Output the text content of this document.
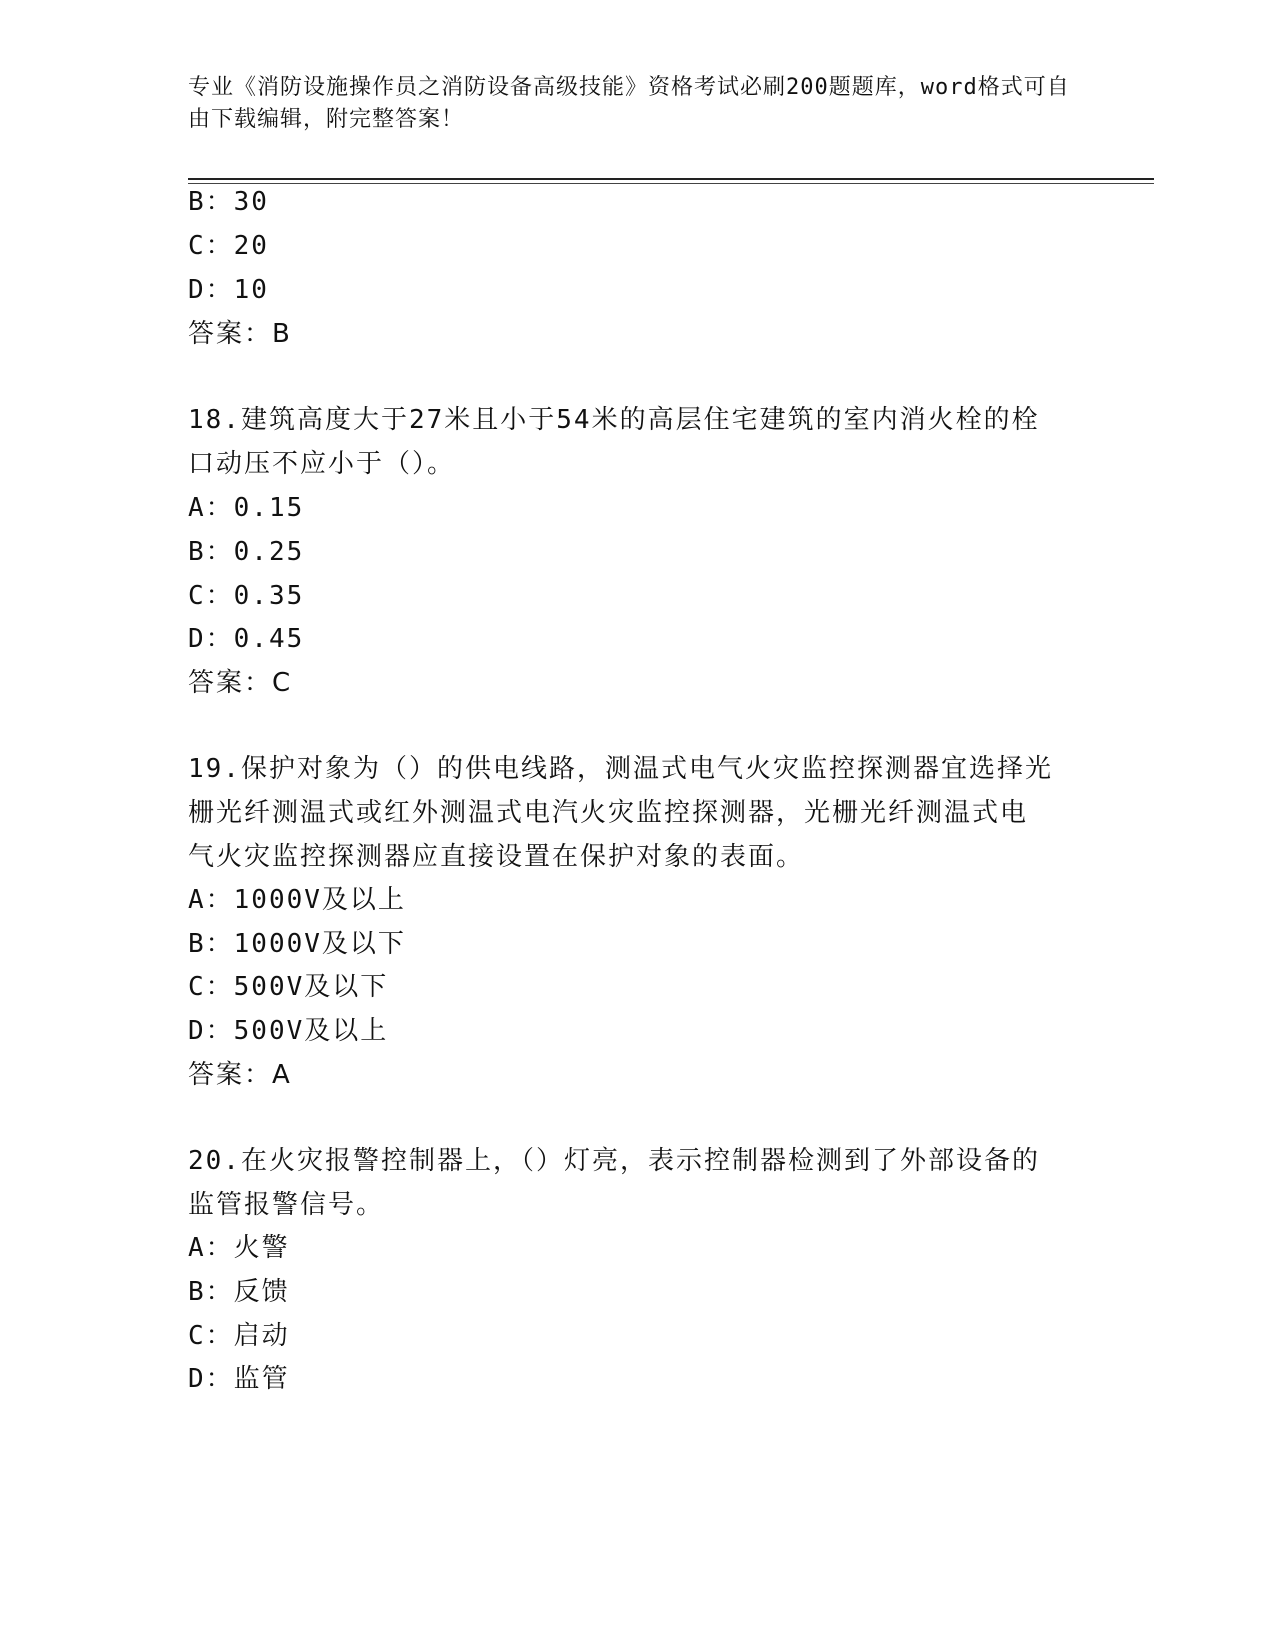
专业《消防设施操作员之消防设备高级技能》资格考试必刷200题题库，word格式可自由下载编辑，附完整答案！
B：30
C：20
D：10
答案：B
18.建筑高度大于27米且小于54米的高层住宅建筑的室内消火栓的栓
口动压不应小于（）。
A：0.15
B：0.25
C：0.35
D：0.45
答案：C
19.保护对象为（）的供电线路，测温式电气火灾监控探测器宜选择光
栅光纤测温式或红外测温式电汽火灾监控探测器，光栅光纤测温式电
气火灾监控探测器应直接设置在保护对象的表面。
A：1000V及以上
B：1000V及以下
C：500V及以下
D：500V及以上
答案：A
20.在火灾报警控制器上，（）灯亮，表示控制器检测到了外部设备的
监管报警信号。
A：火警
B：反馈
C：启动
D：监管
